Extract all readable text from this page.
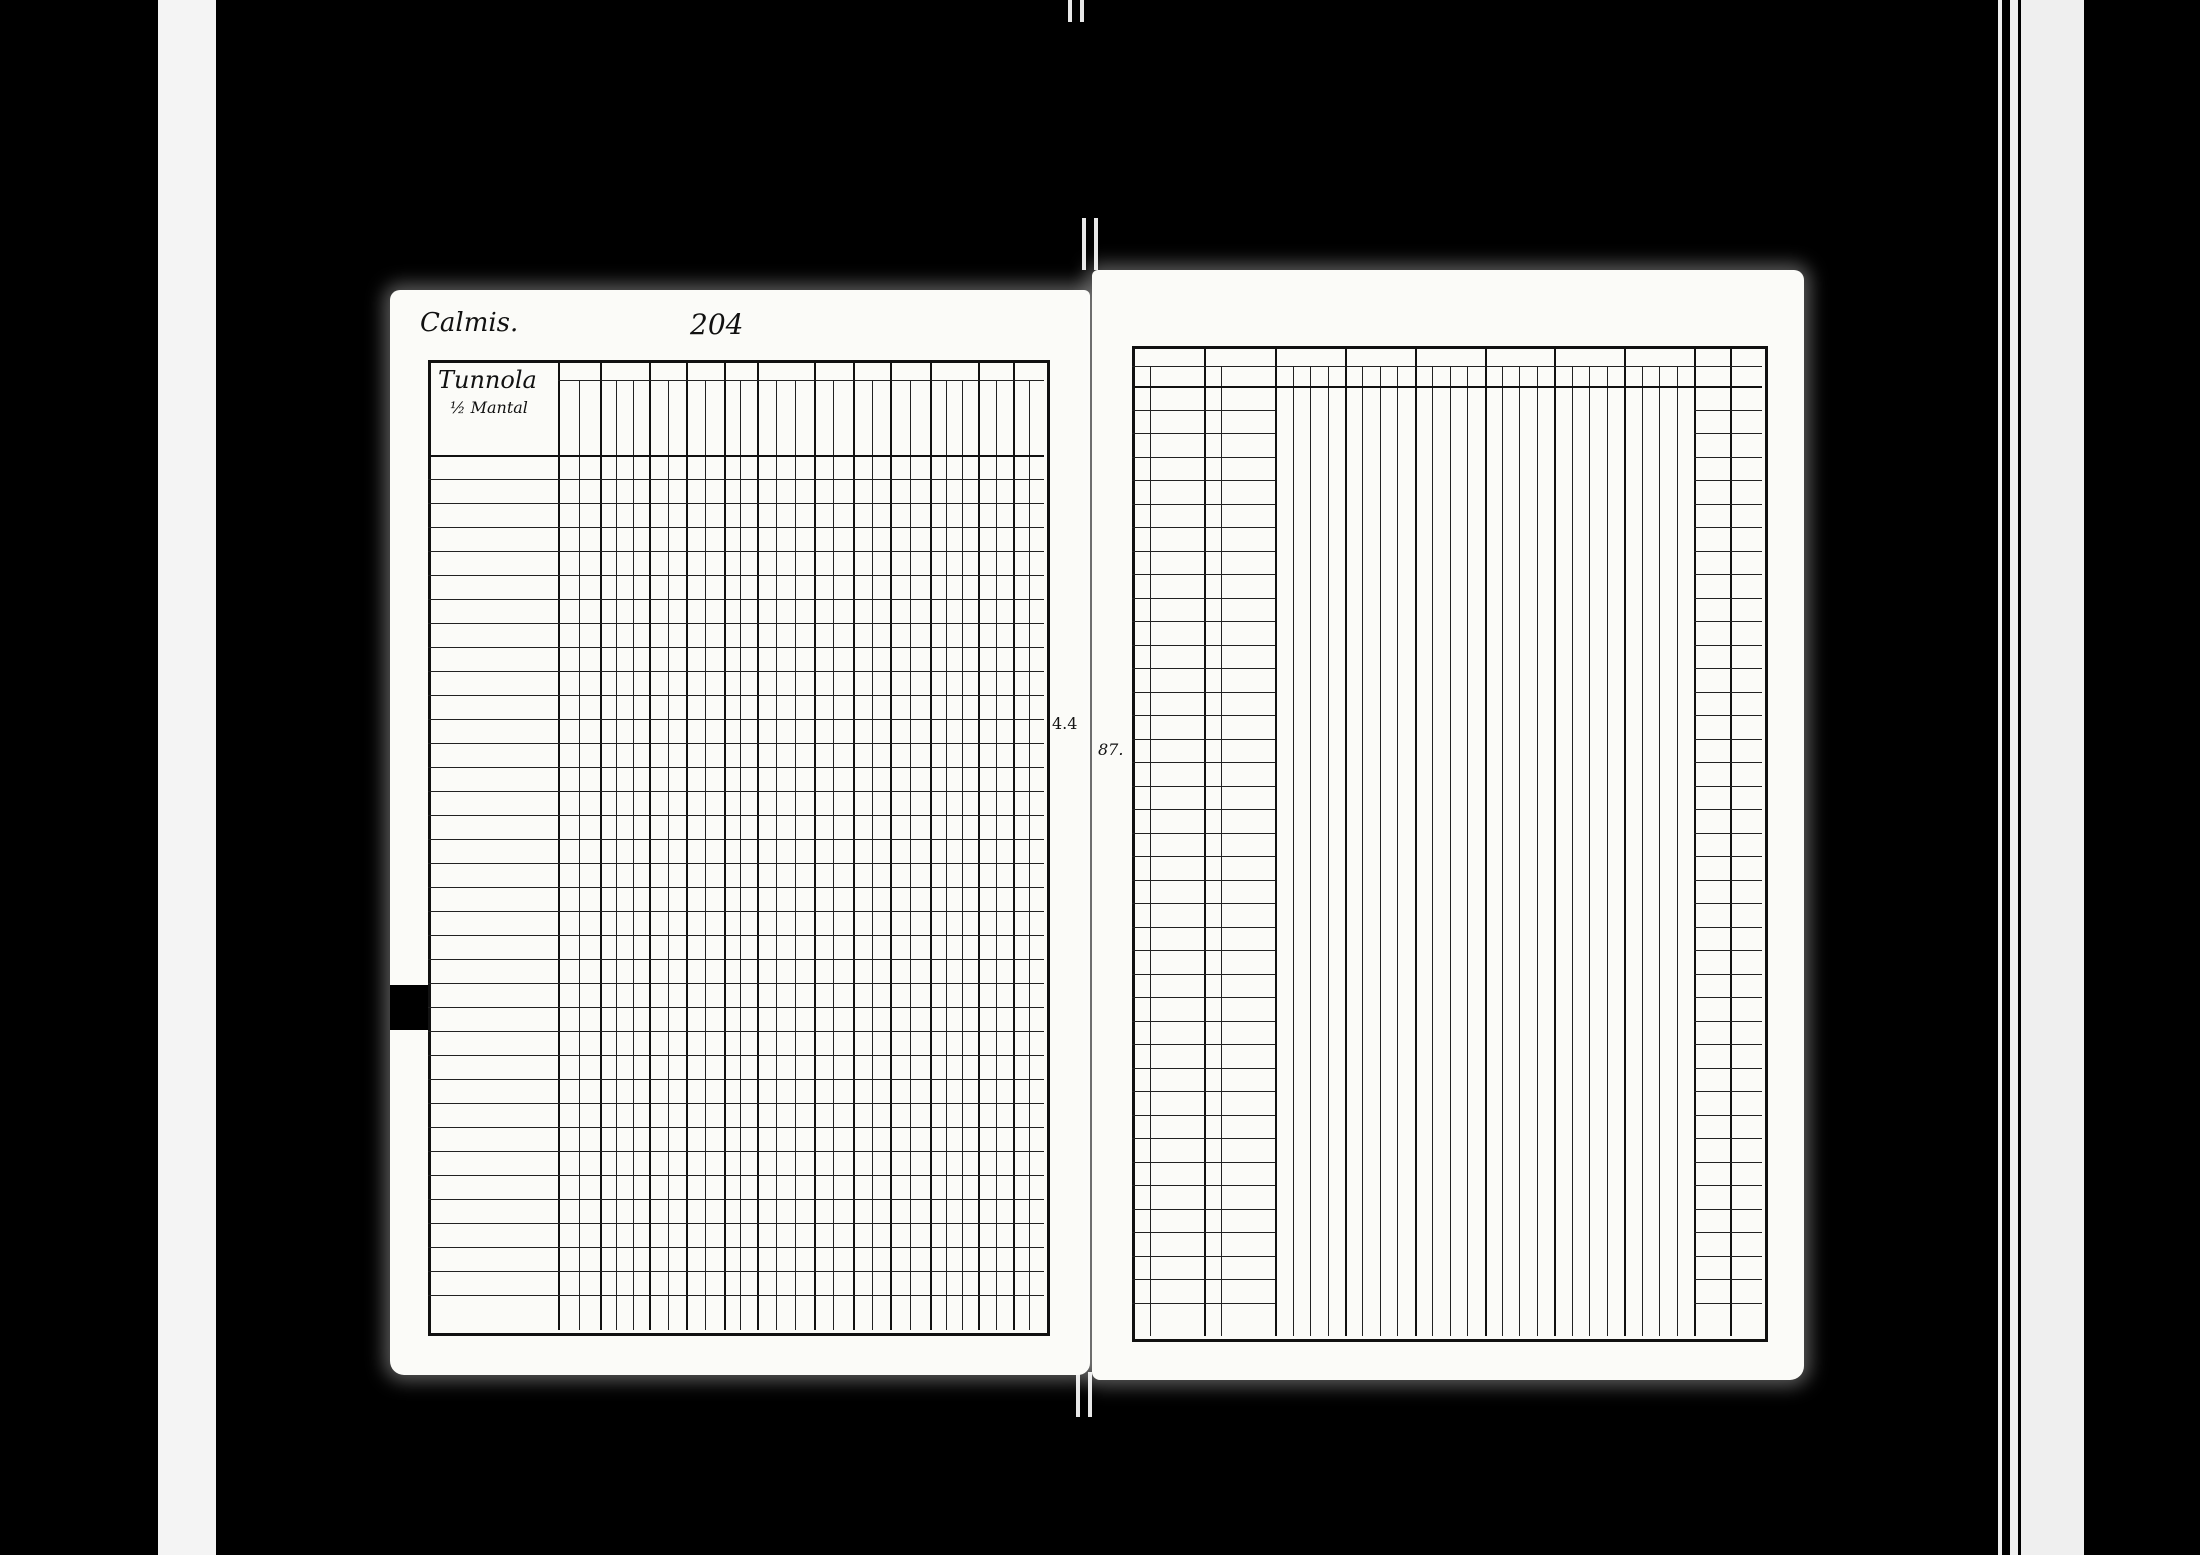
Calmis.	204
Tunnola
½ Mantal
4.4
87.
